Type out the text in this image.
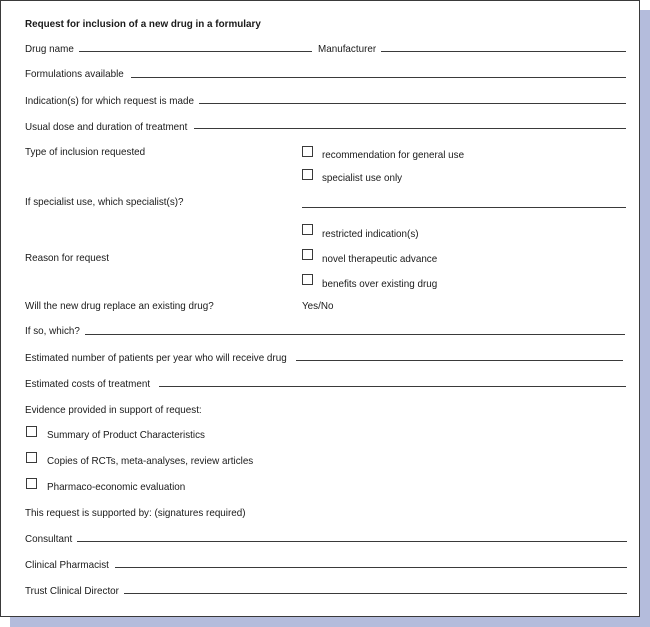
Request for inclusion of a new drug in a formulary
Drug name	Manufacturer
Formulations available
Indication(s) for which request is made
Usual dose and duration of treatment
Type of inclusion requested	recommendation for general use
specialist use only
If specialist use, which specialist(s)?
restricted indication(s)
Reason for request	novel therapeutic advance
benefits over existing drug
Will the new drug replace an existing drug?	Yes/No
If so, which?
Estimated number of patients per year who will receive drug
Estimated costs of treatment
Evidence provided in support of request:
Summary of Product Characteristics
Copies of RCTs, meta-analyses, review articles
Pharmaco-economic evaluation
This request is supported by: (signatures required)
Consultant
Clinical Pharmacist
Trust Clinical Director
